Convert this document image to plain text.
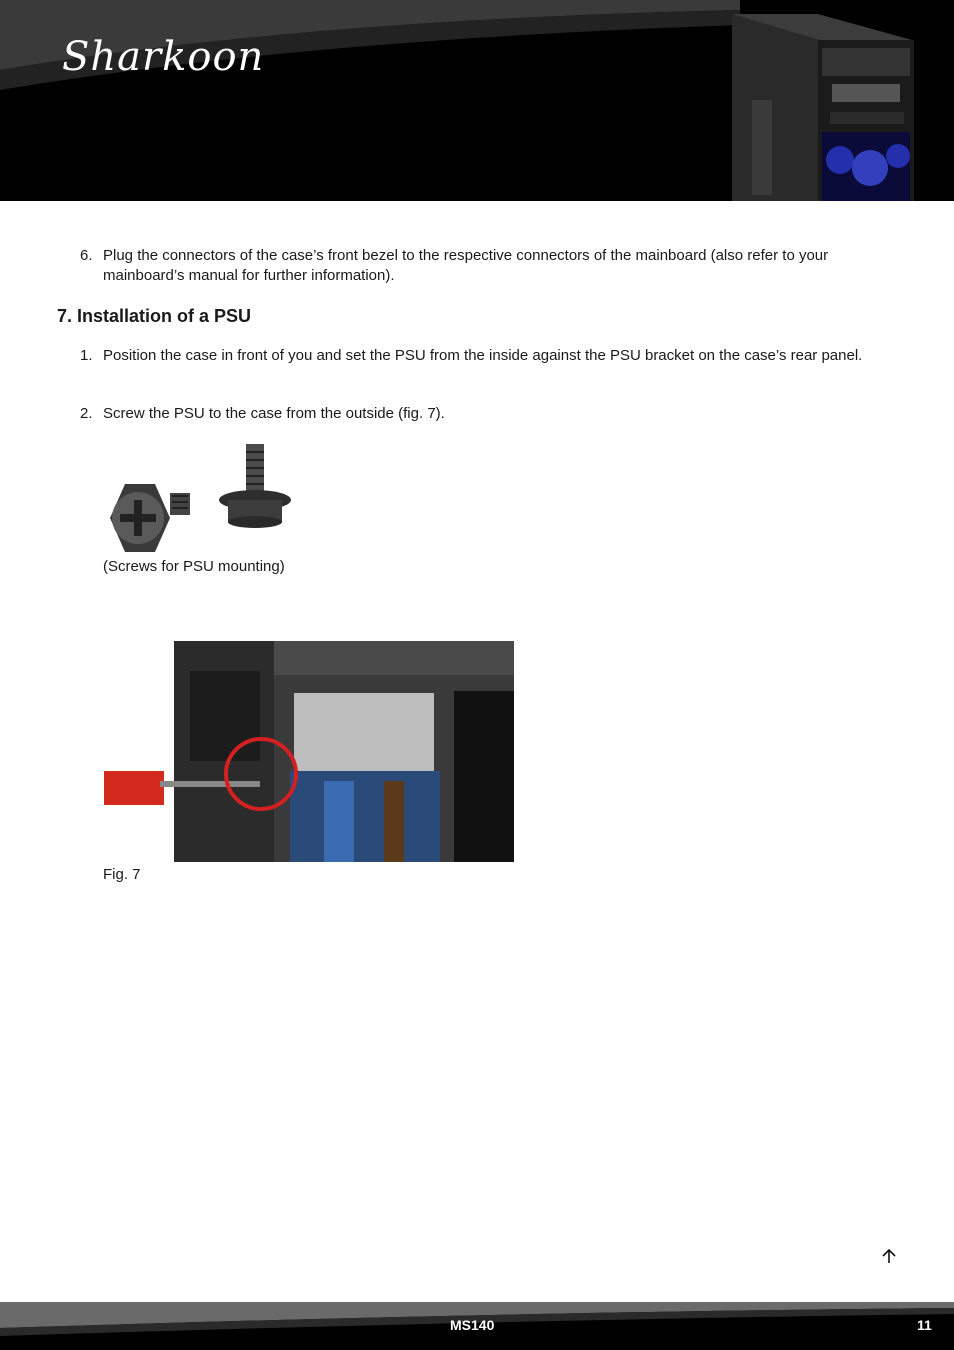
Sharkoon
6. Plug the connectors of the case’s front bezel to the respective connectors of the mainboard (also refer to your mainboard’s manual for further information).
7. Installation of a PSU
1. Position the case in front of you and set the PSU from the inside against the PSU bracket on the case’s rear panel.
2. Screw the PSU to the case from the outside (fig. 7).
(Screws for PSU mounting)
Fig. 7
MS140	11
